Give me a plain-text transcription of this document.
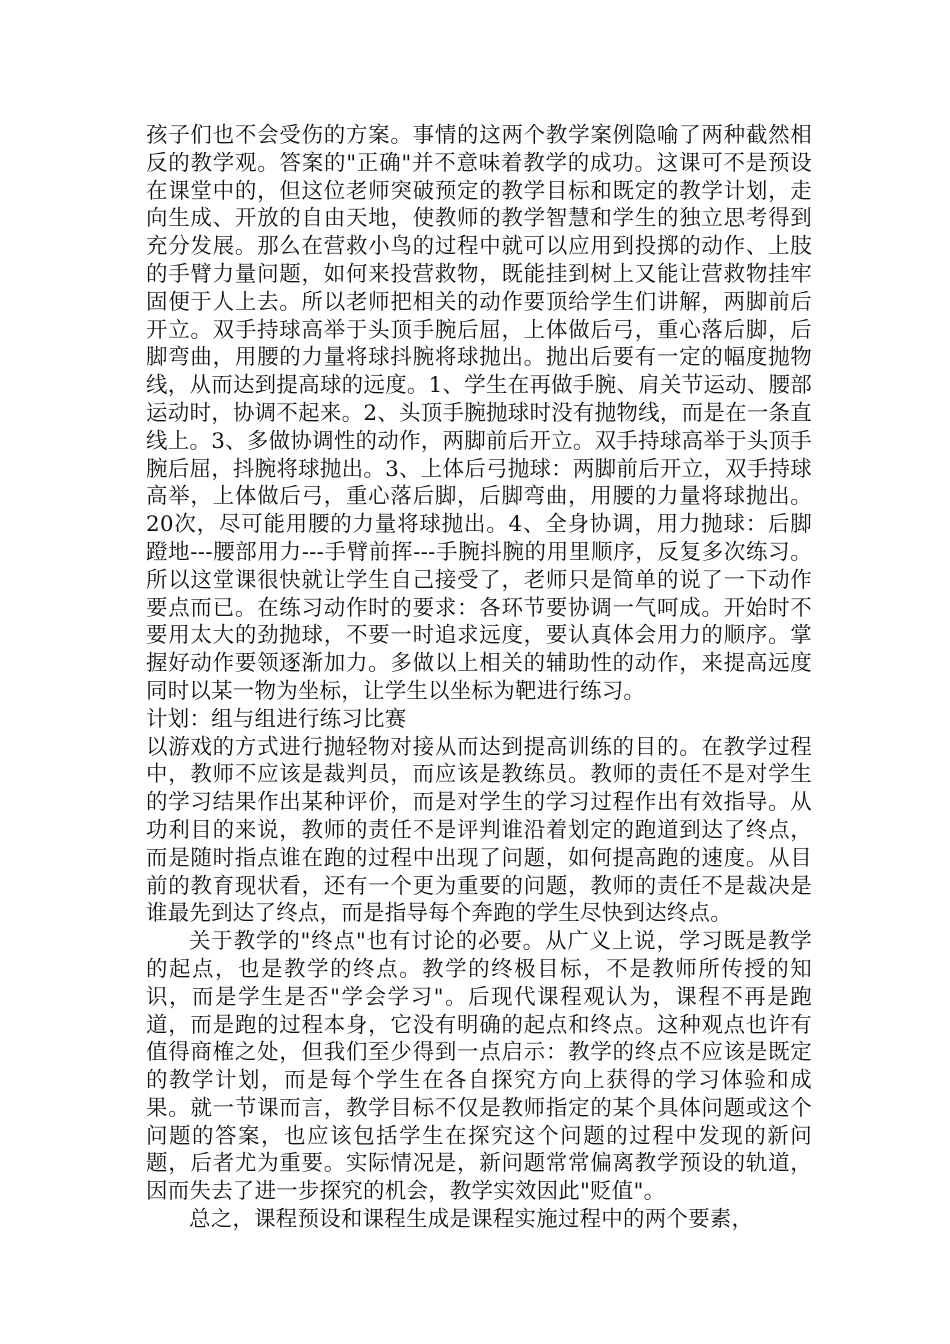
孩子们也不会受伤的方案。事情的这两个教学案例隐喻了两种截然相反的教学观。答案的"正确"并不意味着教学的成功。这课可不是预设在课堂中的，但这位老师突破预定的教学目标和既定的教学计划，走向生成、开放的自由天地，使教师的教学智慧和学生的独立思考得到充分发展。那么在营救小鸟的过程中就可以应用到投掷的动作、上肢的手臂力量问题，如何来投营救物，既能挂到树上又能让营救物挂牢固便于人上去。所以老师把相关的动作要顶给学生们讲解，两脚前后开立。双手持球高举于头顶手腕后屈，上体做后弓，重心落后脚，后脚弯曲，用腰的力量将球抖腕将球抛出。抛出后要有一定的幅度抛物线，从而达到提高球的远度。1、学生在再做手腕、肩关节运动、腰部运动时，协调不起来。2、头顶手腕抛球时没有抛物线，而是在一条直线上。3、多做协调性的动作，两脚前后开立。双手持球高举于头顶手腕后屈，抖腕将球抛出。3、上体后弓抛球：两脚前后开立，双手持球高举，上体做后弓，重心落后脚，后脚弯曲，用腰的力量将球抛出。20次，尽可能用腰的力量将球抛出。4、全身协调，用力抛球：后脚蹬地---腰部用力---手臂前挥---手腕抖腕的用里顺序，反复多次练习。所以这堂课很快就让学生自己接受了，老师只是简单的说了一下动作要点而已。在练习动作时的要求：各环节要协调一气呵成。开始时不要用太大的劲抛球，不要一时追求远度，要认真体会用力的顺序。掌握好动作要领逐渐加力。多做以上相关的辅助性的动作，来提高远度同时以某一物为坐标，让学生以坐标为靶进行练习。

计划：组与组进行练习比赛

以游戏的方式进行抛轻物对接从而达到提高训练的目的。在教学过程中，教师不应该是裁判员，而应该是教练员。教师的责任不是对学生的学习结果作出某种评价，而是对学生的学习过程作出有效指导。从功利目的来说，教师的责任不是评判谁沿着划定的跑道到达了终点，而是随时指点谁在跑的过程中出现了问题，如何提高跑的速度。从目前的教育现状看，还有一个更为重要的问题，教师的责任不是裁决是谁最先到达了终点，而是指导每个奔跑的学生尽快到达终点。

关于教学的"终点"也有讨论的必要。从广义上说，学习既是教学的起点，也是教学的终点。教学的终极目标，不是教师所传授的知识，而是学生是否"学会学习"。后现代课程观认为，课程不再是跑道，而是跑的过程本身，它没有明确的起点和终点。这种观点也许有值得商榷之处，但我们至少得到一点启示：教学的终点不应该是既定的教学计划，而是每个学生在各自探究方向上获得的学习体验和成果。就一节课而言，教学目标不仅是教师指定的某个具体问题或这个问题的答案，也应该包括学生在探究这个问题的过程中发现的新问题，后者尤为重要。实际情况是，新问题常常偏离教学预设的轨道，因而失去了进一步探究的机会，教学实效因此"贬值"。

总之，课程预设和课程生成是课程实施过程中的两个要素，
